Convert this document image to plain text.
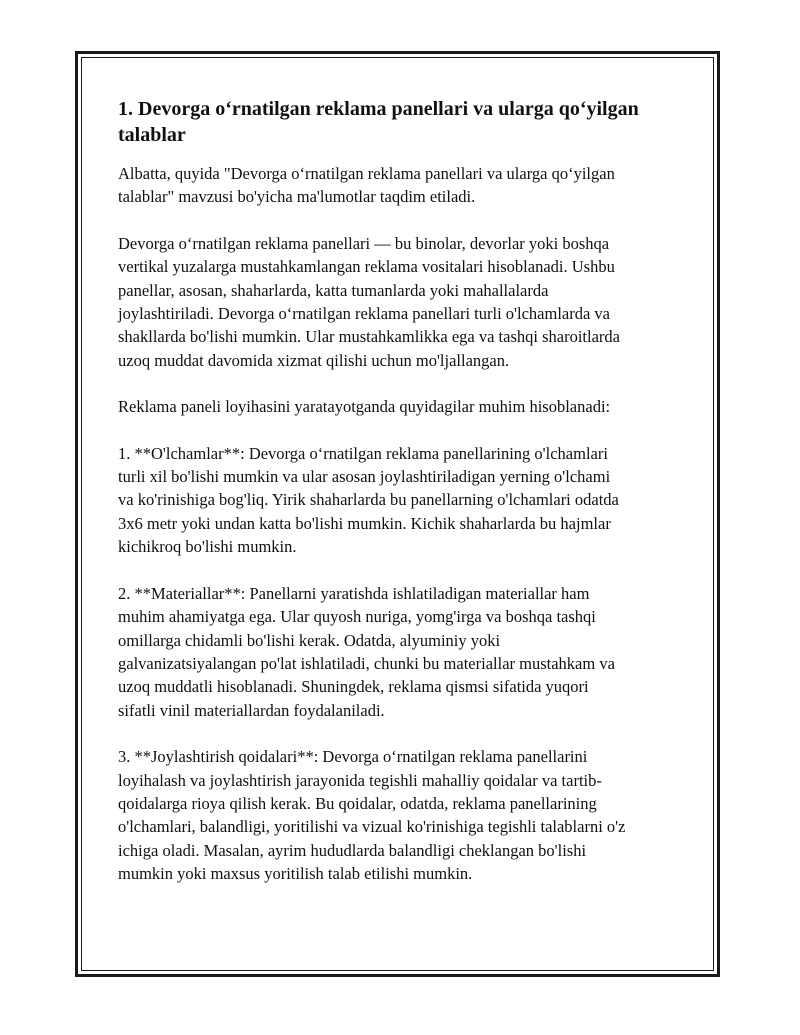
1. Devorga o‘rnatilgan reklama panellari va ularga qo‘yilgan
talablar

Albatta, quyida "Devorga o‘rnatilgan reklama panellari va ularga qo‘yilgan
talablar" mavzusi bo'yicha ma'lumotlar taqdim etiladi.

Devorga o‘rnatilgan reklama panellari — bu binolar, devorlar yoki boshqa
vertikal yuzalarga mustahkamlangan reklama vositalari hisoblanadi. Ushbu
panellar, asosan, shaharlarda, katta tumanlarda yoki mahallalarda
joylashtiriladi. Devorga o‘rnatilgan reklama panellari turli o'lchamlarda va
shakllarda bo'lishi mumkin. Ular mustahkamlikka ega va tashqi sharoitlarda
uzoq muddat davomida xizmat qilishi uchun mo'ljallangan.

Reklama paneli loyihasini yaratayotganda quyidagilar muhim hisoblanadi:

1. **O'lchamlar**: Devorga o‘rnatilgan reklama panellarining o'lchamlari
turli xil bo'lishi mumkin va ular asosan joylashtiriladigan yerning o'lchami
va ko'rinishiga bog'liq. Yirik shaharlarda bu panellarning o'lchamlari odatda
3x6 metr yoki undan katta bo'lishi mumkin. Kichik shaharlarda bu hajmlar
kichikroq bo'lishi mumkin.

2. **Materiallar**: Panellarni yaratishda ishlatiladigan materiallar ham
muhim ahamiyatga ega. Ular quyosh nuriga, yomg'irga va boshqa tashqi
omillarga chidamli bo'lishi kerak. Odatda, alyuminiy yoki
galvanizatsiyalangan po'lat ishlatiladi, chunki bu materiallar mustahkam va
uzoq muddatli hisoblanadi. Shuningdek, reklama qismsi sifatida yuqori
sifatli vinil materiallardan foydalaniladi.

3. **Joylashtirish qoidalari**: Devorga o‘rnatilgan reklama panellarini
loyihalash va joylashtirish jarayonida tegishli mahalliy qoidalar va tartib-
qoidalarga rioya qilish kerak. Bu qoidalar, odatda, reklama panellarining
o'lchamlari, balandligi, yoritilishi va vizual ko'rinishiga tegishli talablarni o'z
ichiga oladi. Masalan, ayrim hududlarda balandligi cheklangan bo'lishi
mumkin yoki maxsus yoritilish talab etilishi mumkin.
